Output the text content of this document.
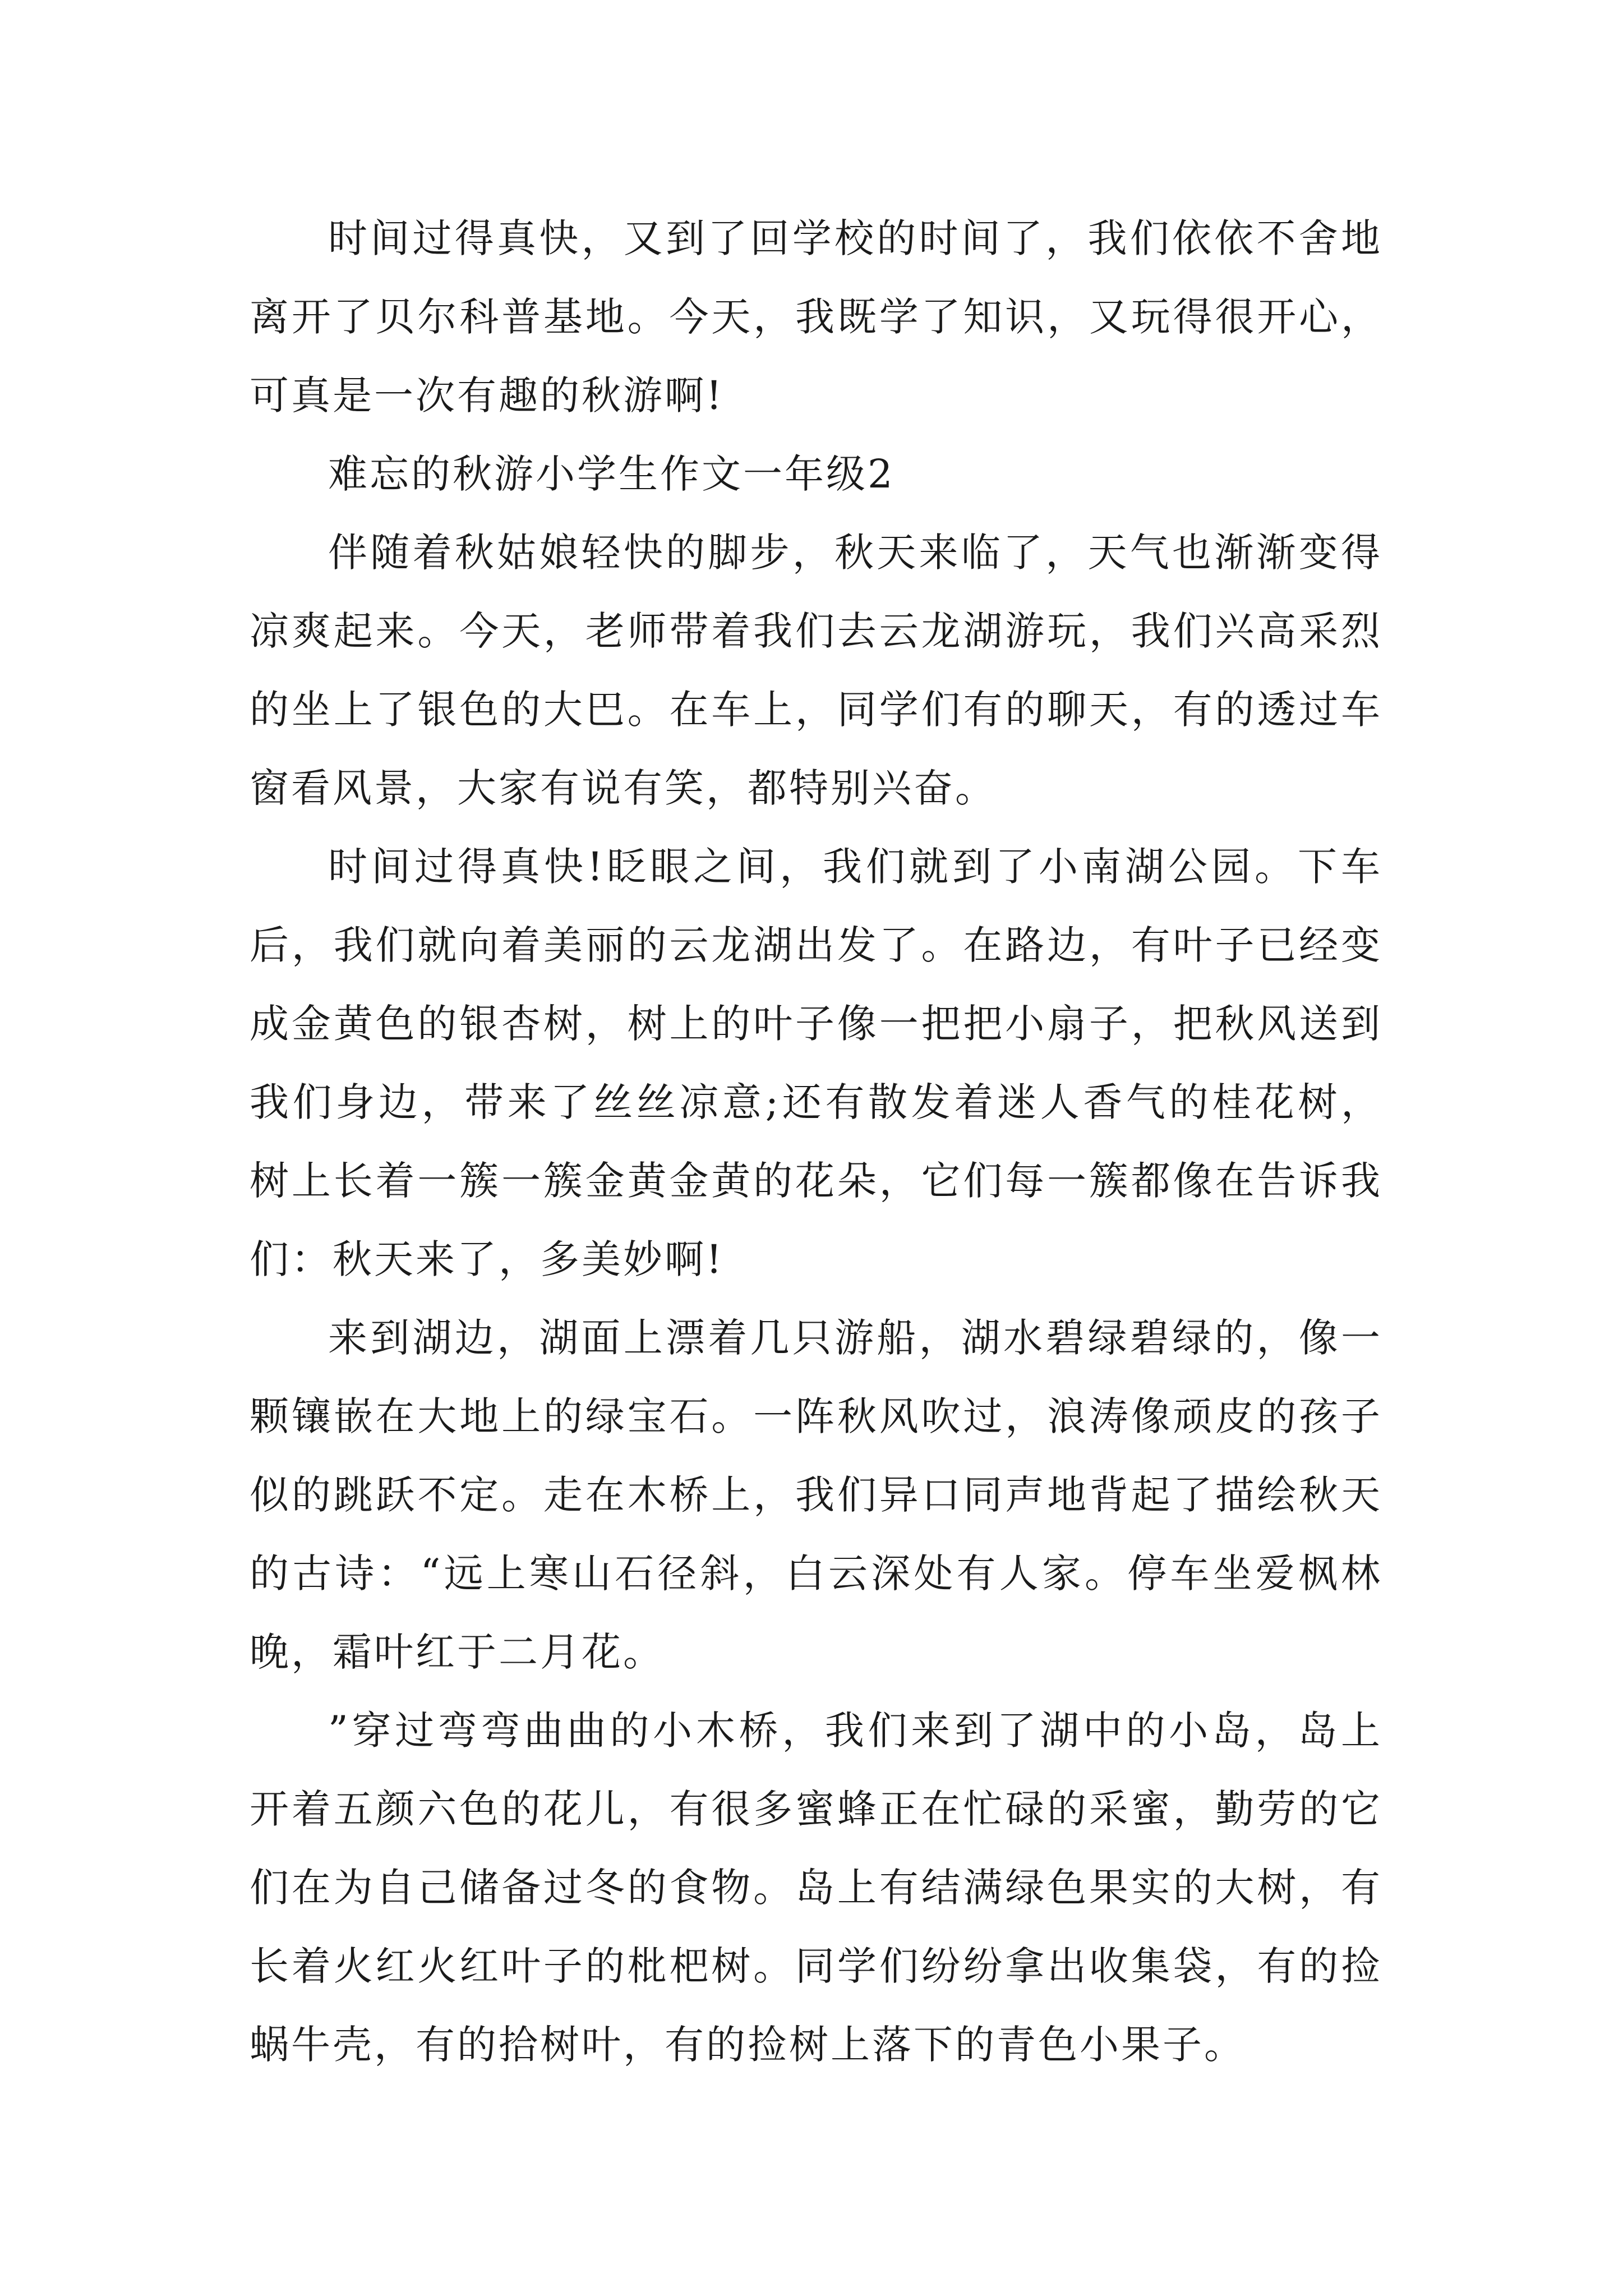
时间过得真快，又到了回学校的时间了，我们依依不舍地离开了贝尔科普基地。今天，我既学了知识，又玩得很开心，可真是一次有趣的秋游啊!

难忘的秋游小学生作文一年级2

伴随着秋姑娘轻快的脚步，秋天来临了，天气也渐渐变得凉爽起来。今天，老师带着我们去云龙湖游玩，我们兴高采烈的坐上了银色的大巴。在车上，同学们有的聊天，有的透过车窗看风景，大家有说有笑，都特别兴奋。

时间过得真快!眨眼之间，我们就到了小南湖公园。下车后，我们就向着美丽的云龙湖出发了。在路边，有叶子已经变成金黄色的银杏树，树上的叶子像一把把小扇子，把秋风送到我们身边，带来了丝丝凉意;还有散发着迷人香气的桂花树，树上长着一簇一簇金黄金黄的花朵，它们每一簇都像在告诉我们：秋天来了，多美妙啊!

来到湖边，湖面上漂着几只游船，湖水碧绿碧绿的，像一颗镶嵌在大地上的绿宝石。一阵秋风吹过，浪涛像顽皮的孩子似的跳跃不定。走在木桥上，我们异口同声地背起了描绘秋天的古诗：“远上寒山石径斜，白云深处有人家。停车坐爱枫林晚，霜叶红于二月花。

”穿过弯弯曲曲的小木桥，我们来到了湖中的小岛，岛上开着五颜六色的花儿，有很多蜜蜂正在忙碌的采蜜，勤劳的它们在为自己储备过冬的食物。岛上有结满绿色果实的大树，有长着火红火红叶子的枇杷树。同学们纷纷拿出收集袋，有的捡蜗牛壳，有的拾树叶，有的捡树上落下的青色小果子。
